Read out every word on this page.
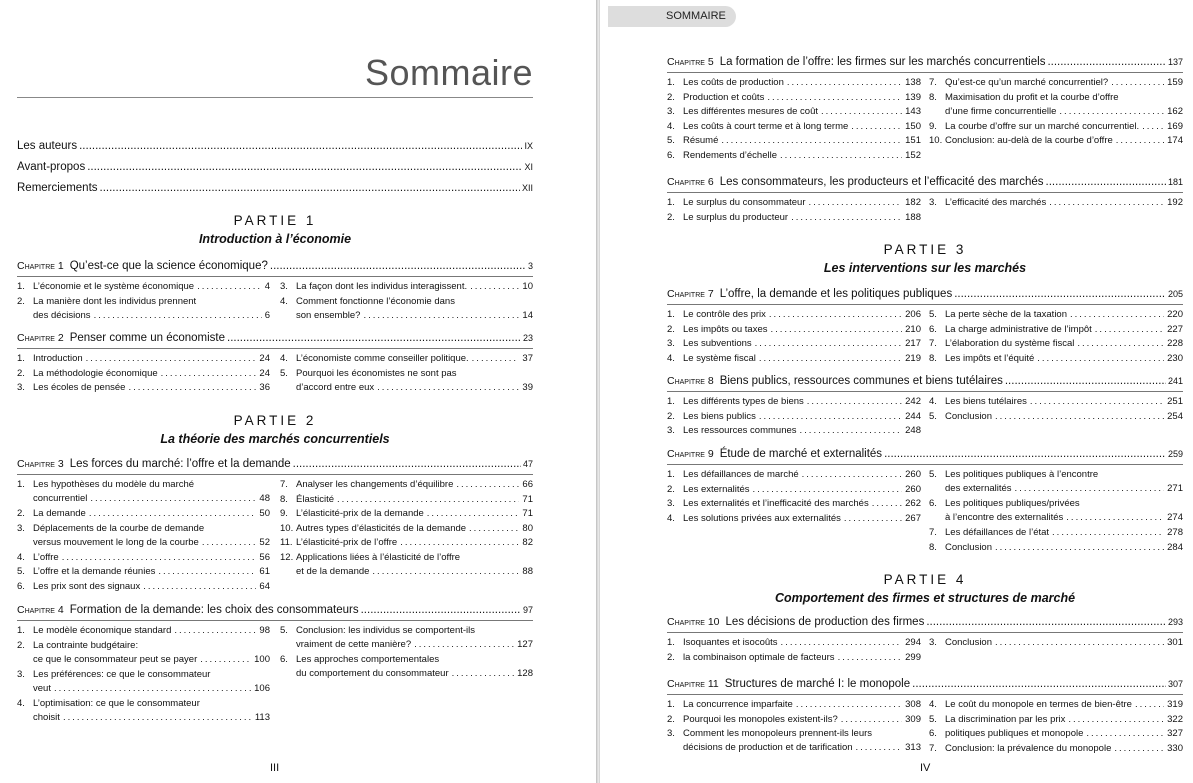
Sommaire
Les auteurs .....	IX
Avant-propos .....	XI
Remerciements .....	XII
PARTIE 1
Introduction à l’économie
Chapitre 1 Qu’est-ce que la science économique? .....	3
1. L’économie et le système économique .....	4
2. La manière dont les individus prennent
des décisions .....	6
3. La façon dont les individus interagissent. .....	10
4. Comment fonctionne l’économie dans
son ensemble? .....	14
Chapitre 2 Penser comme un économiste .....	23
1. Introduction .....	24
2. La méthodologie économique .....	24
3. Les écoles de pensée .....	36
4. L’économiste comme conseiller politique. .....	37
5. Pourquoi les économistes ne sont pas
d’accord entre eux .....	39
PARTIE 2
La théorie des marchés concurrentiels
Chapitre 3 Les forces du marché: l’offre et la demande .....	47
1. Les hypothèses du modèle du marché
concurrentiel .....	48
2. La demande .....	50
3. Déplacements de la courbe de demande
versus mouvement le long de la courbe .....	52
4. L’offre .....	56
5. L’offre et la demande réunies .....	61
6. Les prix sont des signaux .....	64
7. Analyser les changements d’équilibre .....	66
8. Élasticité .....	71
9. L’élasticité-prix de la demande .....	71
10. Autres types d’élasticités de la demande .....	80
11. L’élasticité-prix de l’offre .....	82
12. Applications liées à l’élasticité de l’offre
et de la demande .....	88
Chapitre 4 Formation de la demande: les choix des consommateurs .....	97
1. Le modèle économique standard .....	98
2. La contrainte budgétaire:
ce que le consommateur peut se payer .....	100
3. Les préférences: ce que le consommateur
veut .....	106
4. L’optimisation: ce que le consommateur
choisit .....	113
5. Conclusion: les individus se comportent-ils
vraiment de cette manière? .....	127
6. Les approches comportementales
du comportement du consommateur .....	128
III
SOMMAIRE
Chapitre 5 La formation de l’offre: les firmes sur les marchés concurrentiels .....	137
1. Les coûts de production .....	138
2. Production et coûts .....	139
3. Les différentes mesures de coût .....	143
4. Les coûts à court terme et à long terme .....	150
5. Résumé .....	151
6. Rendements d’échelle .....	152
7. Qu’est-ce qu’un marché concurrentiel? .....	159
8. Maximisation du profit et la courbe d’offre
d’une firme concurrentielle .....	162
9. La courbe d’offre sur un marché concurrentiel. .....	169
10. Conclusion: au-delà de la courbe d’offre .....	174
Chapitre 6 Les consommateurs, les producteurs et l’efficacité des marchés .....	181
1. Le surplus du consommateur .....	182
2. Le surplus du producteur .....	188
3. L’efficacité des marchés .....	192
PARTIE 3
Les interventions sur les marchés
Chapitre 7 L’offre, la demande et les politiques publiques .....	205
1. Le contrôle des prix .....	206
2. Les impôts ou taxes .....	210
3. Les subventions .....	217
4. Le système fiscal .....	219
5. La perte sèche de la taxation .....	220
6. La charge administrative de l’impôt .....	227
7. L’élaboration du système fiscal .....	228
8. Les impôts et l’équité .....	230
Chapitre 8 Biens publics, ressources communes et biens tutélaires .....	241
1. Les différents types de biens .....	242
2. Les biens publics .....	244
3. Les ressources communes .....	248
4. Les biens tutélaires .....	251
5. Conclusion .....	254
Chapitre 9 Étude de marché et externalités .....	259
1. Les défaillances de marché .....	260
2. Les externalités .....	260
3. Les externalités et l’inefficacité des marchés .....	262
4. Les solutions privées aux externalités .....	267
5. Les politiques publiques à l’encontre
des externalités .....	271
6. Les politiques publiques/privées
à l’encontre des externalités .....	274
7. Les défaillances de l’état .....	278
8. Conclusion .....	284
PARTIE 4
Comportement des firmes et structures de marché
Chapitre 10 Les décisions de production des firmes .....	293
1. Isoquantes et isocoûts .....	294
2. la combinaison optimale de facteurs .....	299
3. Conclusion .....	301
Chapitre 11 Structures de marché I: le monopole .....	307
1. La concurrence imparfaite .....	308
2. Pourquoi les monopoles existent-ils? .....	309
3. Comment les monopoleurs prennent-ils leurs
décisions de production et de tarification .....	313
4. Le coût du monopole en termes de bien-être .....	319
5. La discrimination par les prix .....	322
6. politiques publiques et monopole .....	327
7. Conclusion: la prévalence du monopole .....	330
IV
